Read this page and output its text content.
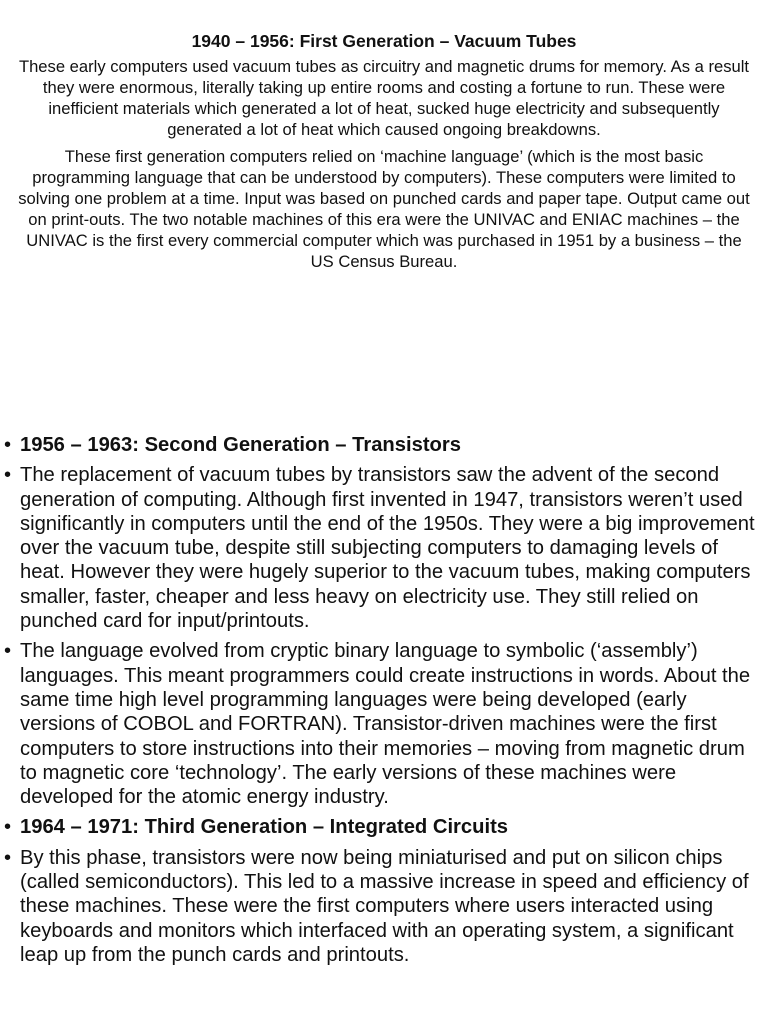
1940 – 1956: First Generation – Vacuum Tubes

These early computers used vacuum tubes as circuitry and magnetic drums for memory. As a result they were enormous, literally taking up entire rooms and costing a fortune to run. These were inefficient materials which generated a lot of heat, sucked huge electricity and subsequently generated a lot of heat which caused ongoing breakdowns.

These first generation computers relied on ‘machine language’ (which is the most basic programming language that can be understood by computers). These computers were limited to solving one problem at a time. Input was based on punched cards and paper tape. Output came out on print-outs. The two notable machines of this era were the UNIVAC and ENIAC machines – the UNIVAC is the first every commercial computer which was purchased in 1951 by a business – the US Census Bureau.

• 1956 – 1963: Second Generation – Transistors
• The replacement of vacuum tubes by transistors saw the advent of the second generation of computing. Although first invented in 1947, transistors weren’t used significantly in computers until the end of the 1950s. They were a big improvement over the vacuum tube, despite still subjecting computers to damaging levels of heat. However they were hugely superior to the vacuum tubes, making computers smaller, faster, cheaper and less heavy on electricity use. They still relied on punched card for input/printouts.
• The language evolved from cryptic binary language to symbolic (‘assembly’) languages. This meant programmers could create instructions in words. About the same time high level programming languages were being developed (early versions of COBOL and FORTRAN). Transistor-driven machines were the first computers to store instructions into their memories – moving from magnetic drum to magnetic core ‘technology’. The early versions of these machines were developed for the atomic energy industry.
• 1964 – 1971: Third Generation – Integrated Circuits
• By this phase, transistors were now being miniaturised and put on silicon chips (called semiconductors). This led to a massive increase in speed and efficiency of these machines. These were the first computers where users interacted using keyboards and monitors which interfaced with an operating system, a significant leap up from the punch cards and printouts.
